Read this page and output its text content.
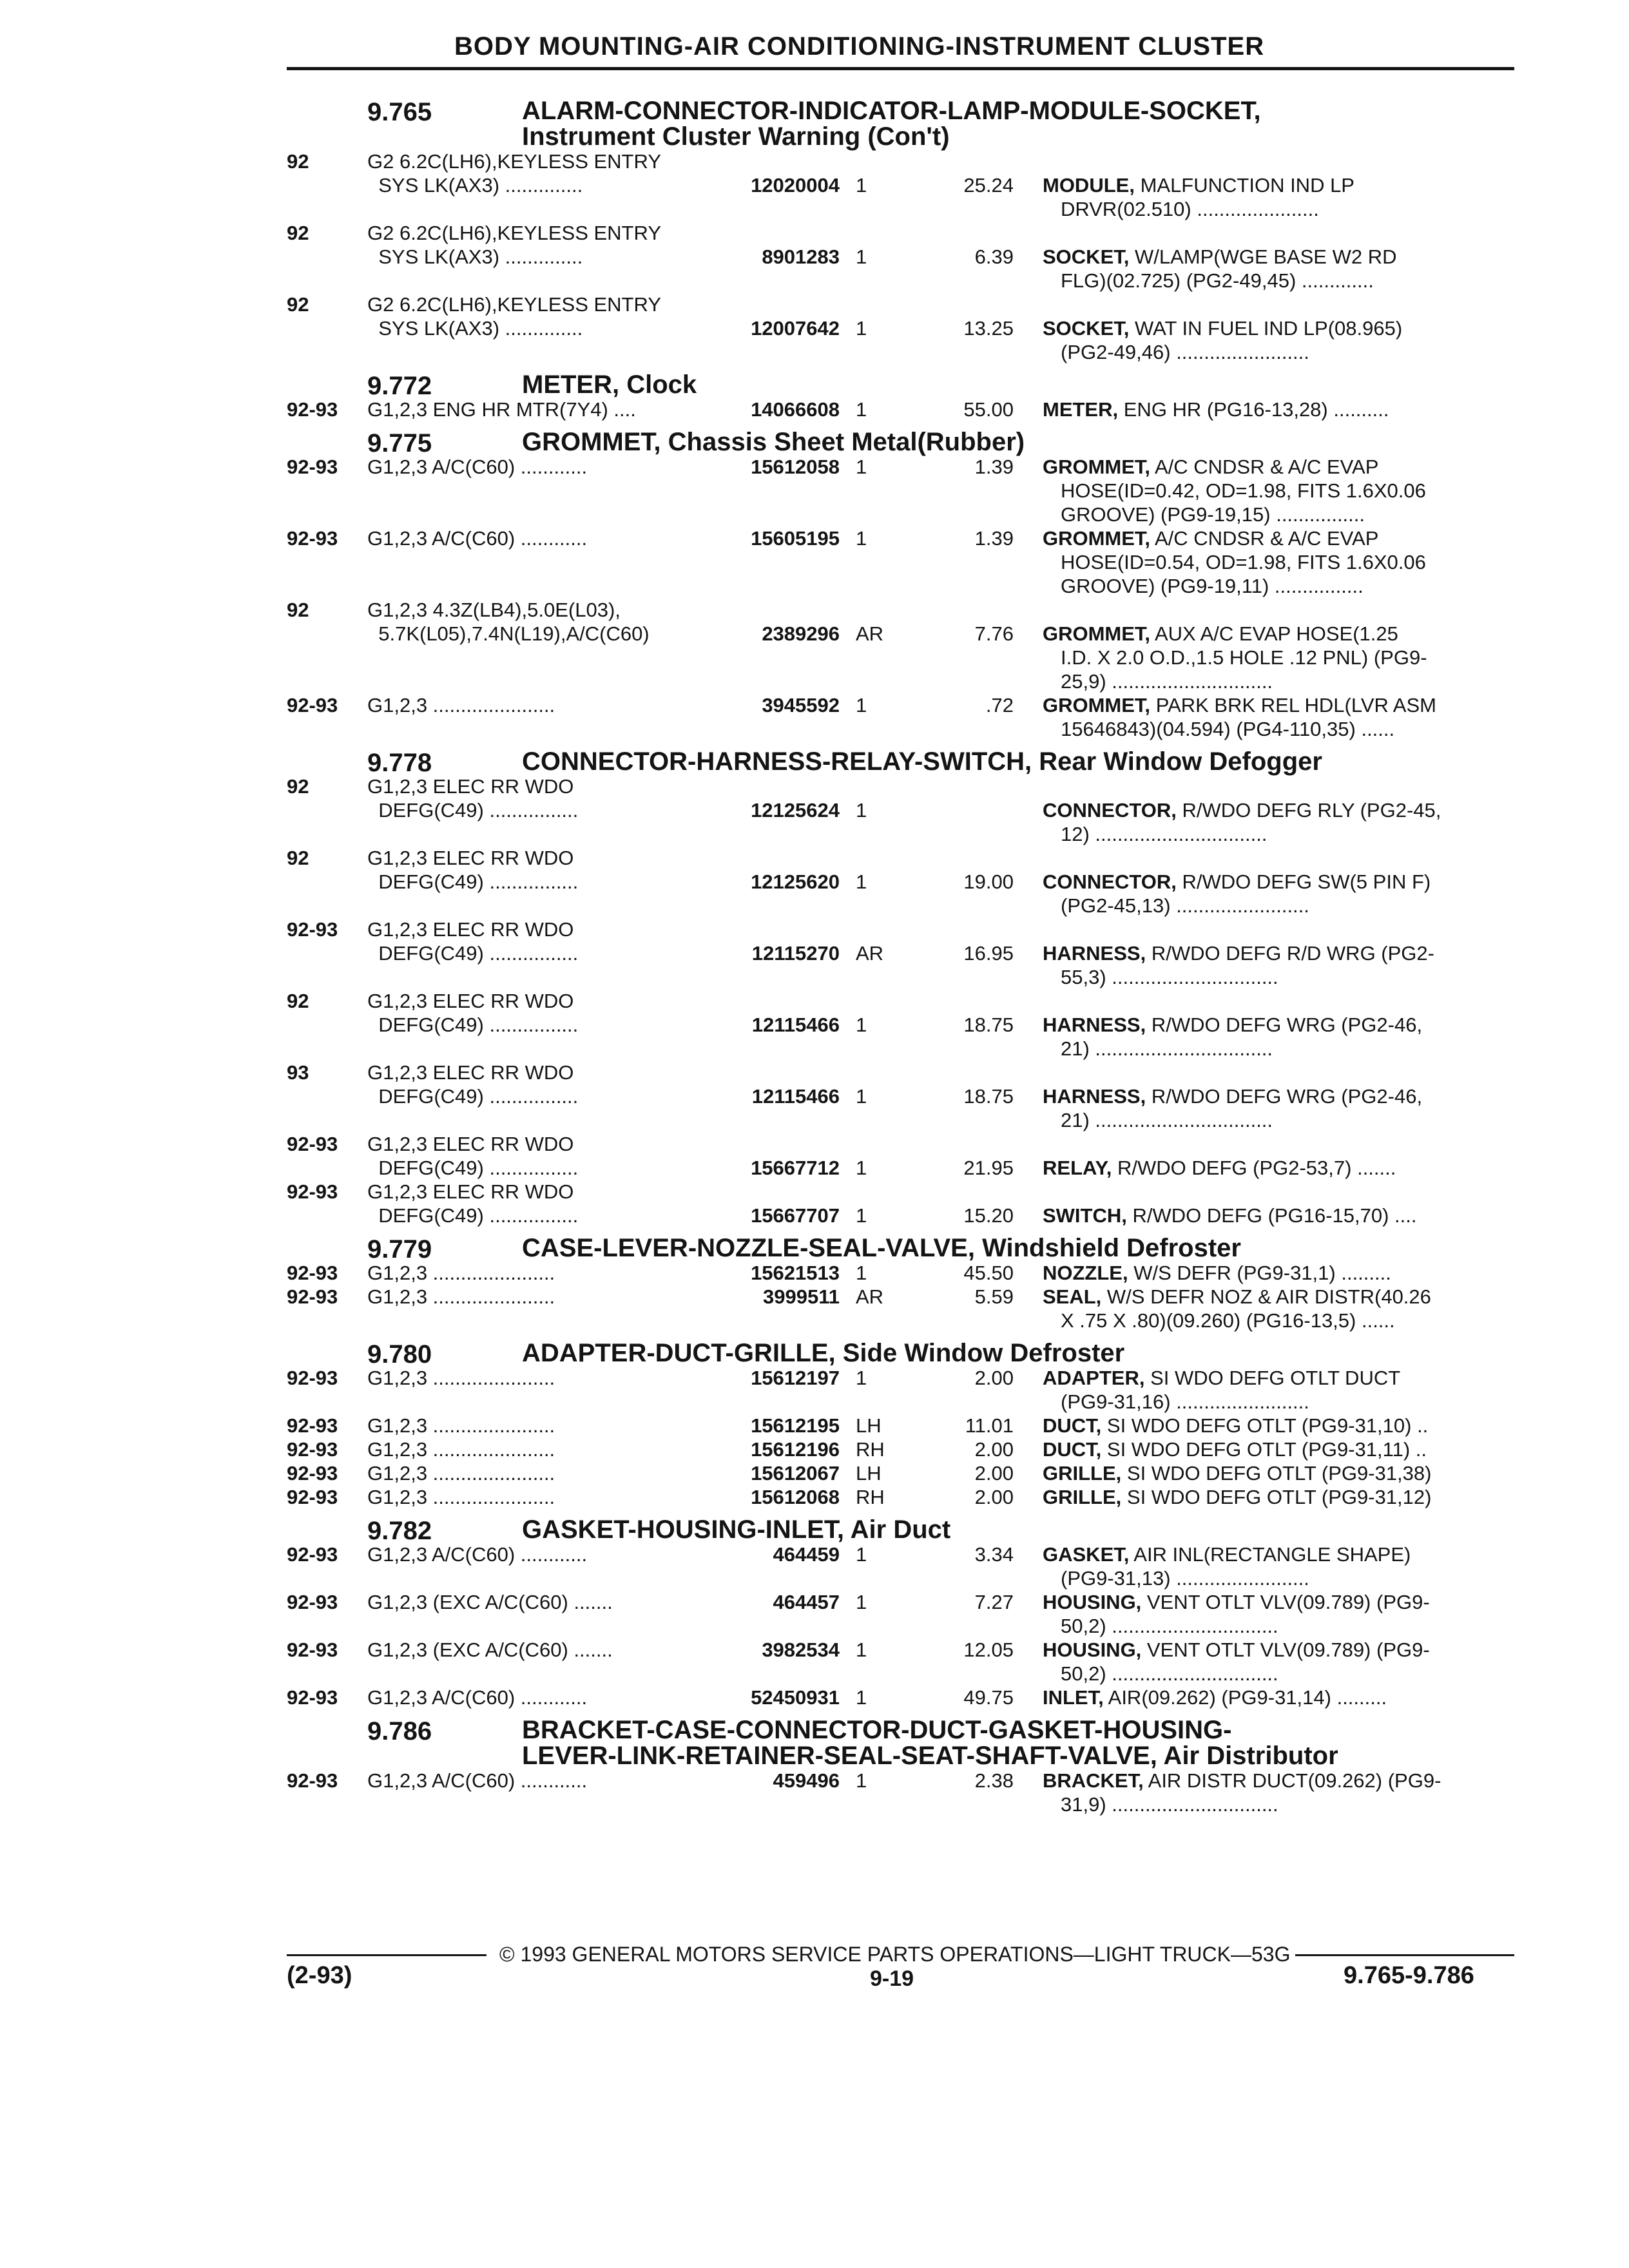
BODY MOUNTING-AIR CONDITIONING-INSTRUMENT CLUSTER
9.765	ALARM-CONNECTOR-INDICATOR-LAMP-MODULE-SOCKET,
Instrument Cluster Warning (Con't)
92	G2 6.2C(LH6),KEYLESS ENTRY
SYS LK(AX3) ..............	12020004 1	25.24
MODULE, MALFUNCTION IND LP
DRVR(02.510) ......................
92	G2 6.2C(LH6),KEYLESS ENTRY
SYS LK(AX3) ..............	8901283 1	6.39
SOCKET, W/LAMP(WGE BASE W2 RD
FLG)(02.725) (PG2-49,45) .............
92	G2 6.2C(LH6),KEYLESS ENTRY
SYS LK(AX3) ..............	12007642 1	13.25
SOCKET, WAT IN FUEL IND LP(08.965)
(PG2-49,46) ........................
9.772	METER, Clock
92-93 G1,2,3 ENG HR MTR(7Y4) ....	14066608 1	55.00 METER, ENG HR (PG16-13,28) ..........
9.775	GROMMET, Chassis Sheet Metal(Rubber)
92-93 G1,2,3 A/C(C60) ............	15612058 1	1.39 GROMMET, A/C CNDSR & A/C EVAP
HOSE(ID=0.42, OD=1.98, FITS 1.6X0.06
GROOVE) (PG9-19,15) ................
92-93 G1,2,3 A/C(C60) ............	15605195 1	1.39 GROMMET, A/C CNDSR & A/C EVAP
HOSE(ID=0.54, OD=1.98, FITS 1.6X0.06
GROOVE) (PG9-19,11) ................
92	G1,2,3 4.3Z(LB4),5.0E(L03),
5.7K(L05),7.4N(L19),A/C(C60)	2389296 AR	7.76
GROMMET, AUX A/C EVAP HOSE(1.25
I.D. X 2.0 O.D.,1.5 HOLE .12 PNL) (PG9-
25,9) .............................
92-93 G1,2,3 ......................	3945592 1	.72 GROMMET, PARK BRK REL HDL(LVR ASM
15646843)(04.594) (PG4-110,35) ......
9.778	CONNECTOR-HARNESS-RELAY-SWITCH, Rear Window Defogger
92	G1,2,3 ELEC RR WDO
DEFG(C49) ................	12125624 1
	CONNECTOR, R/WDO DEFG RLY (PG2-45,
12) ...............................
92	G1,2,3 ELEC RR WDO
DEFG(C49) ................	12125620 1	19.00
CONNECTOR, R/WDO DEFG SW(5 PIN F)
(PG2-45,13) ........................
92-93 G1,2,3 ELEC RR WDO
DEFG(C49) ................	12115270 AR	16.95
HARNESS, R/WDO DEFG R/D WRG (PG2-
55,3) ..............................
92	G1,2,3 ELEC RR WDO
DEFG(C49) ................	12115466 1	18.75
HARNESS, R/WDO DEFG WRG (PG2-46,
21) ................................
93	G1,2,3 ELEC RR WDO
DEFG(C49) ................	12115466 1	18.75
HARNESS, R/WDO DEFG WRG (PG2-46,
21) ................................
92-93 G1,2,3 ELEC RR WDO
DEFG(C49) ................	15667712 1	21.95
RELAY, R/WDO DEFG (PG2-53,7) .......
92-93 G1,2,3 ELEC RR WDO
DEFG(C49) ................	15667707 1	15.20
SWITCH, R/WDO DEFG (PG16-15,70) ....
9.779	CASE-LEVER-NOZZLE-SEAL-VALVE, Windshield Defroster
92-93 G1,2,3 ......................	15621513 1	45.50 NOZZLE, W/S DEFR (PG9-31,1) .........
92-93 G1,2,3 ......................	3999511 AR	5.59 SEAL, W/S DEFR NOZ & AIR DISTR(40.26
X .75 X .80)(09.260) (PG16-13,5) ......
9.780	ADAPTER-DUCT-GRILLE, Side Window Defroster
92-93 G1,2,3 ......................	15612197 1	2.00 ADAPTER, SI WDO DEFG OTLT DUCT
(PG9-31,16) ........................
92-93 G1,2,3 ......................	15612195 LH	11.01 DUCT, SI WDO DEFG OTLT (PG9-31,10) ..
92-93 G1,2,3 ......................	15612196 RH	2.00 DUCT, SI WDO DEFG OTLT (PG9-31,11) ..
92-93 G1,2,3 ......................	15612067 LH	2.00 GRILLE, SI WDO DEFG OTLT (PG9-31,38)
92-93 G1,2,3 ......................	15612068 RH	2.00 GRILLE, SI WDO DEFG OTLT (PG9-31,12)
9.782	GASKET-HOUSING-INLET, Air Duct
92-93 G1,2,3 A/C(C60) ............	464459 1	3.34 GASKET, AIR INL(RECTANGLE SHAPE)
(PG9-31,13) ........................
92-93 G1,2,3 (EXC A/C(C60) .......	464457 1	7.27 HOUSING, VENT OTLT VLV(09.789) (PG9-
50,2) ..............................
92-93 G1,2,3 (EXC A/C(C60) .......	3982534 1	12.05 HOUSING, VENT OTLT VLV(09.789) (PG9-
50,2) ..............................
92-93 G1,2,3 A/C(C60) ............	52450931 1	49.75 INLET, AIR(09.262) (PG9-31,14) .........
9.786	BRACKET-CASE-CONNECTOR-DUCT-GASKET-HOUSING-
LEVER-LINK-RETAINER-SEAL-SEAT-SHAFT-VALVE, Air Distributor
92-93 G1,2,3 A/C(C60) ............	459496 1	2.38 BRACKET, AIR DISTR DUCT(09.262) (PG9-
31,9) ..............................
© 1993 GENERAL MOTORS SERVICE PARTS OPERATIONS—LIGHT TRUCK—53G
(2-93)	9-19	9.765-9.786
